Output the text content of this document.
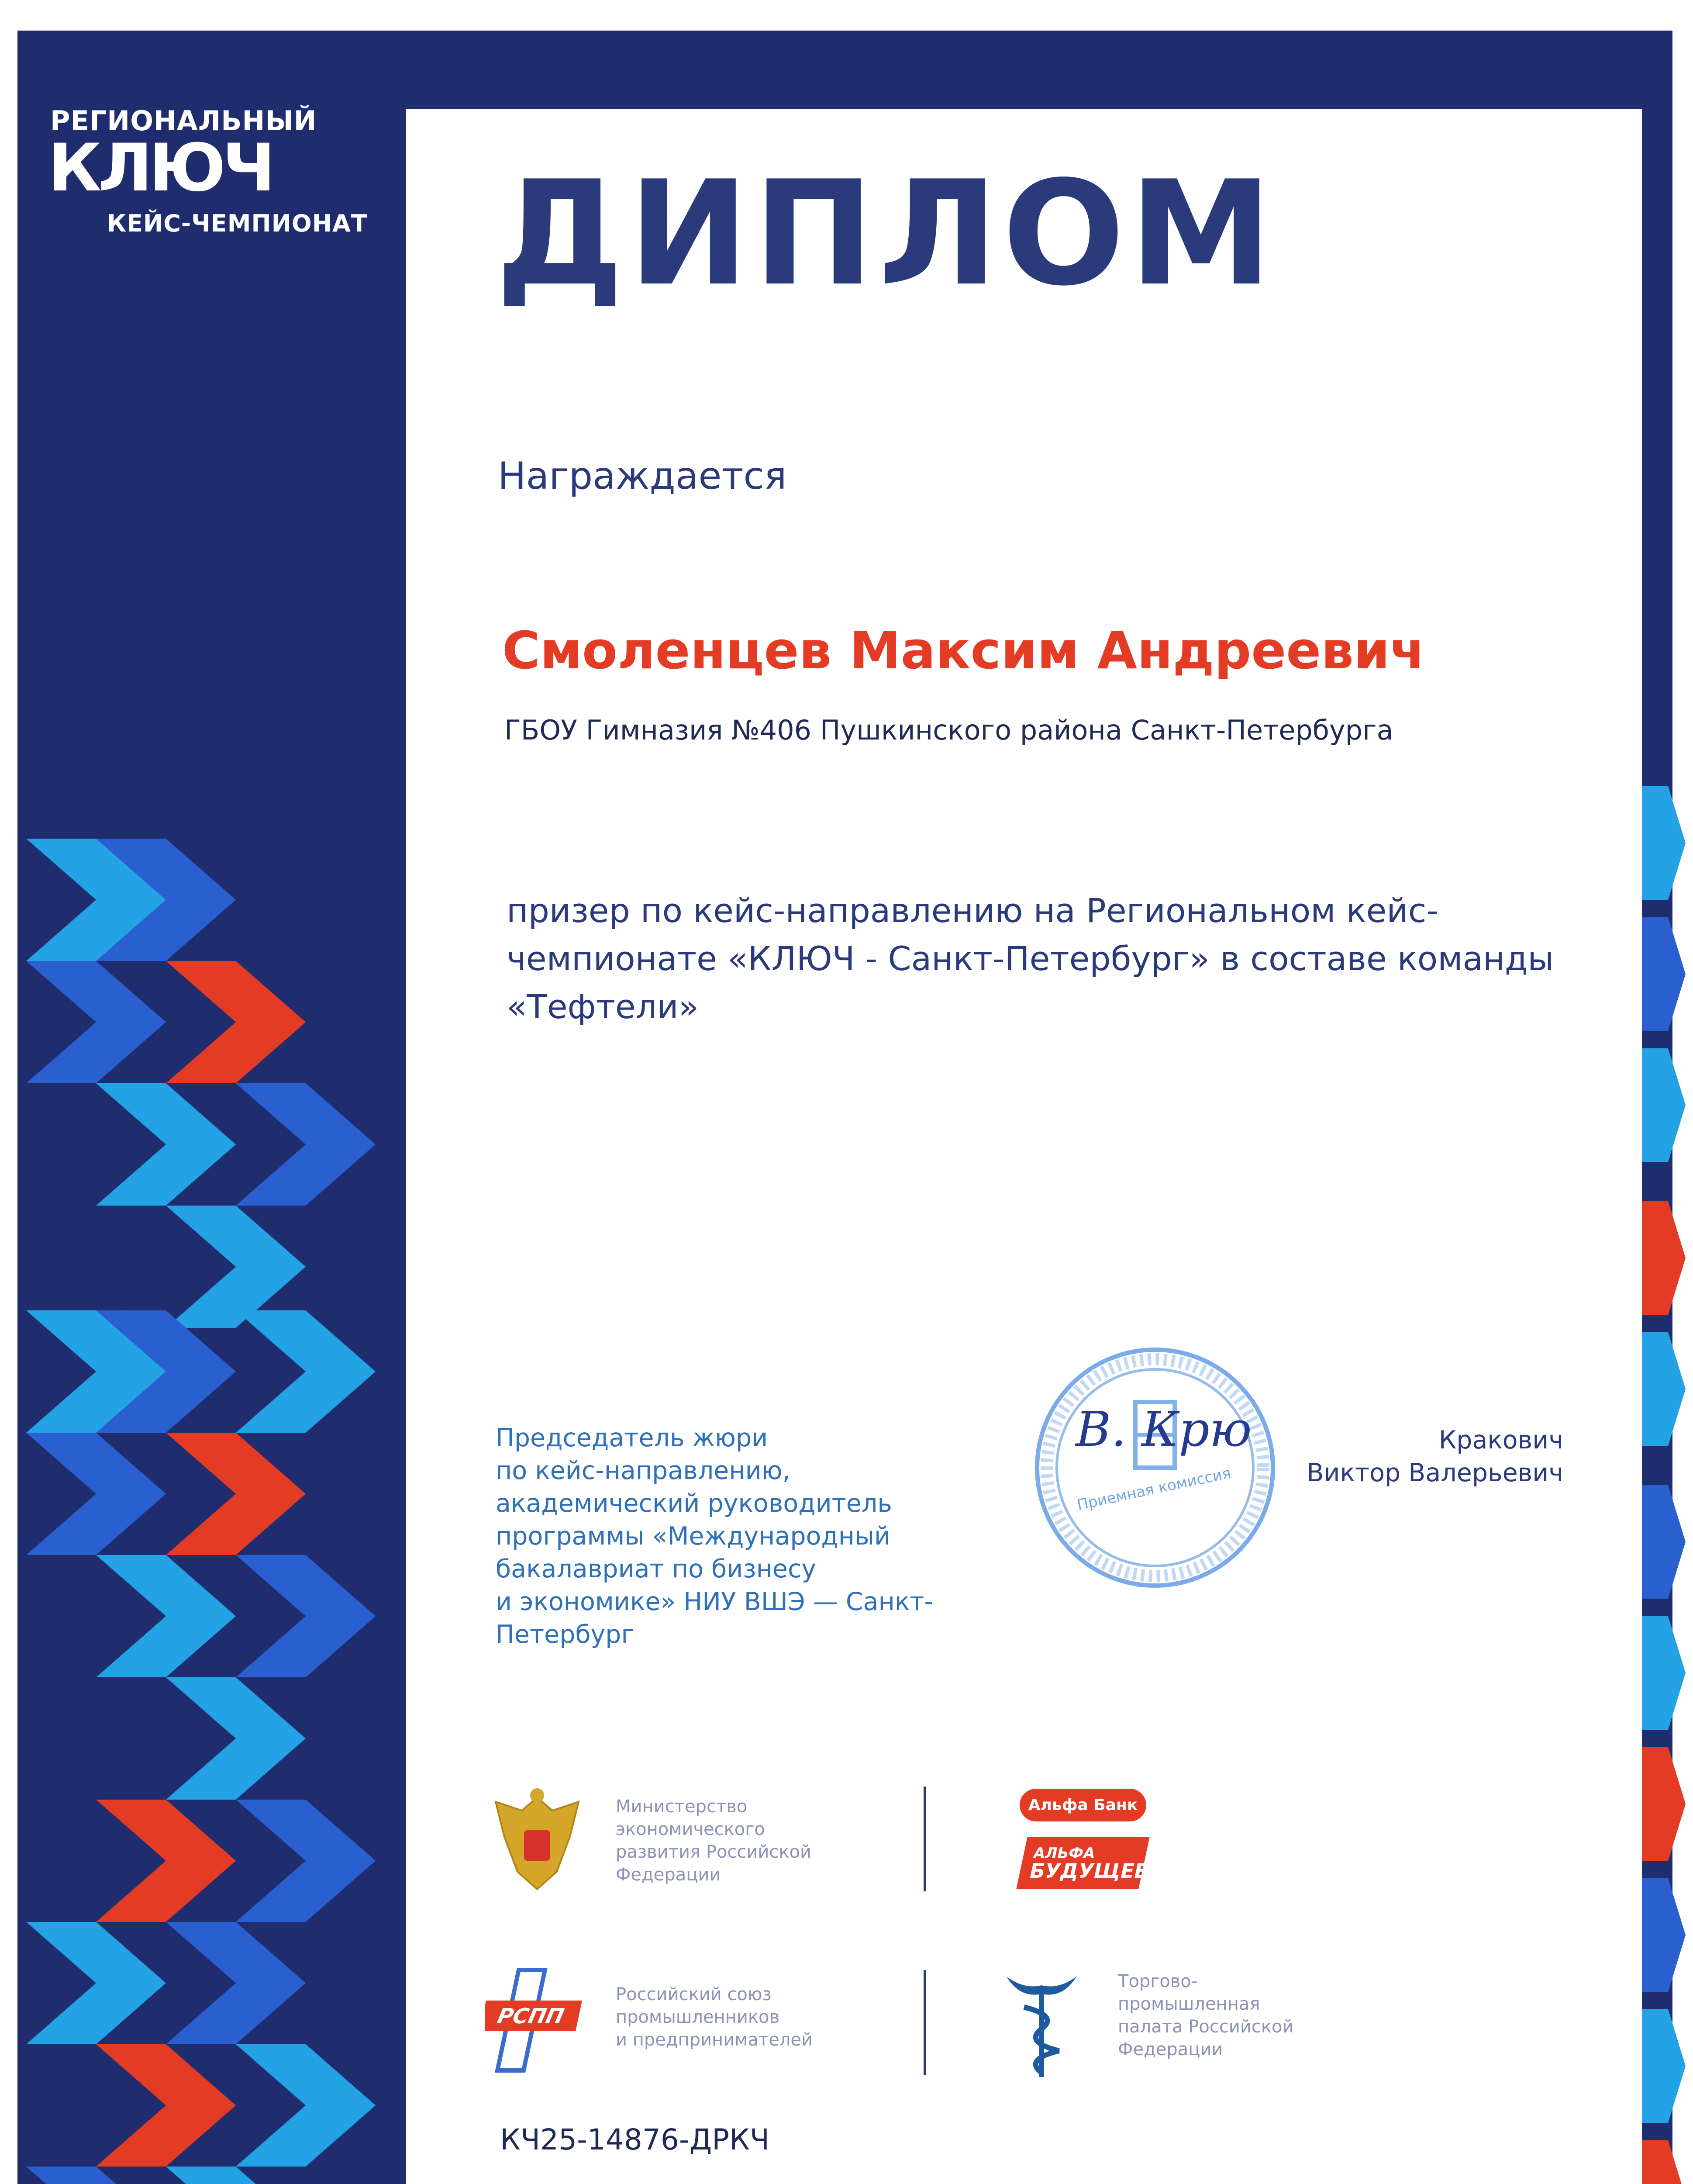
РЕГИОНАЛЬНЫЙ
КЛЮЧ
КЕЙС-ЧЕМПИОНАТ ДИПЛОМ

Награждается

Смоленцев Максим Андреевич

ГБОУ Гимназия №406 Пушкинского района Санкт-Петербурга

призер по кейс-направлению на Региональном кейс-
чемпионате «КЛЮЧ - Санкт-Петербург» в составе команды
«Тефтели»
Председатель жюри
по кейс-направлению,
академический руководитель
программы «Международный
бакалавриат по бизнесу
и экономике» НИУ ВШЭ — Санкт-
Петербург
Кракович
Виктор Валерьевич
Приемная комиссия
В. Крю
Министерство
экономического
развития Российской
Федерации
Альфа Банк
АЛЬФА
БУДУЩЕЕ
РСПП
Российский союз
промышленников
и предпринимателей
Торгово-
промышленная
палата Российской
Федерации

КЧ25-14876-ДРКЧ
